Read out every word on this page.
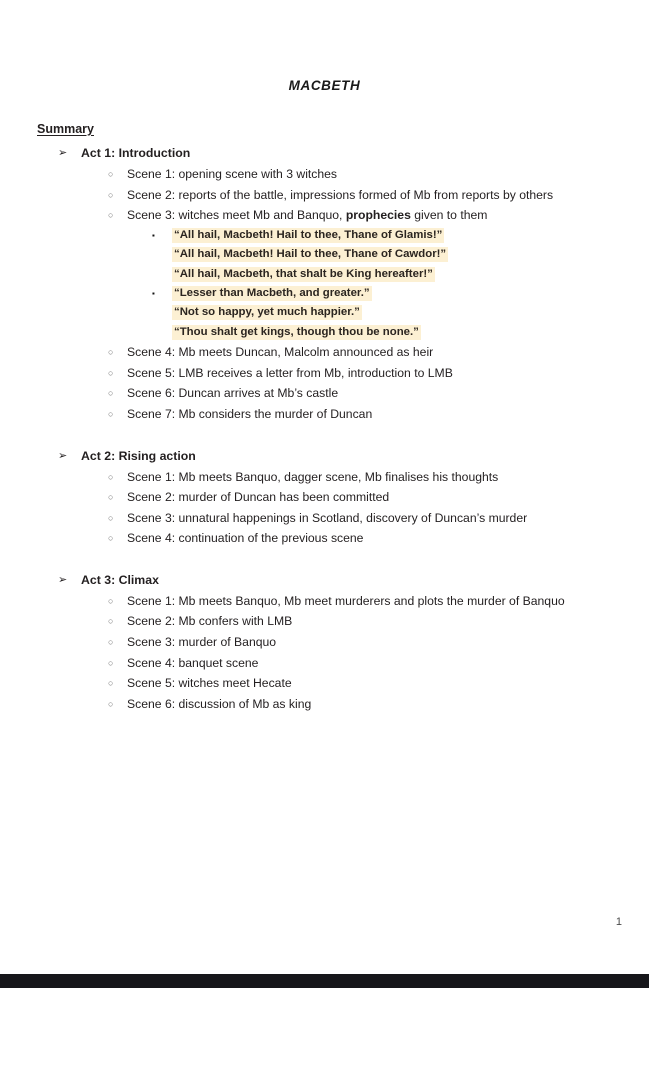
MACBETH
Summary
➢ Act 1: Introduction
○ Scene 1: opening scene with 3 witches
○ Scene 2: reports of the battle, impressions formed of Mb from reports by others
○ Scene 3: witches meet Mb and Banquo, prophecies given to them
▪ “All hail, Macbeth! Hail to thee, Thane of Glamis!”
“All hail, Macbeth! Hail to thee, Thane of Cawdor!”
“All hail, Macbeth, that shalt be King hereafter!”
▪ “Lesser than Macbeth, and greater.”
“Not so happy, yet much happier.”
“Thou shalt get kings, though thou be none.”
○ Scene 4: Mb meets Duncan, Malcolm announced as heir
○ Scene 5: LMB receives a letter from Mb, introduction to LMB
○ Scene 6: Duncan arrives at Mb’s castle
○ Scene 7: Mb considers the murder of Duncan
➢ Act 2: Rising action
○ Scene 1: Mb meets Banquo, dagger scene, Mb finalises his thoughts
○ Scene 2: murder of Duncan has been committed
○ Scene 3: unnatural happenings in Scotland, discovery of Duncan’s murder
○ Scene 4: continuation of the previous scene
➢ Act 3: Climax
○ Scene 1: Mb meets Banquo, Mb meet murderers and plots the murder of Banquo
○ Scene 2: Mb confers with LMB
○ Scene 3: murder of Banquo
○ Scene 4: banquet scene
○ Scene 5: witches meet Hecate
○ Scene 6: discussion of Mb as king
1
